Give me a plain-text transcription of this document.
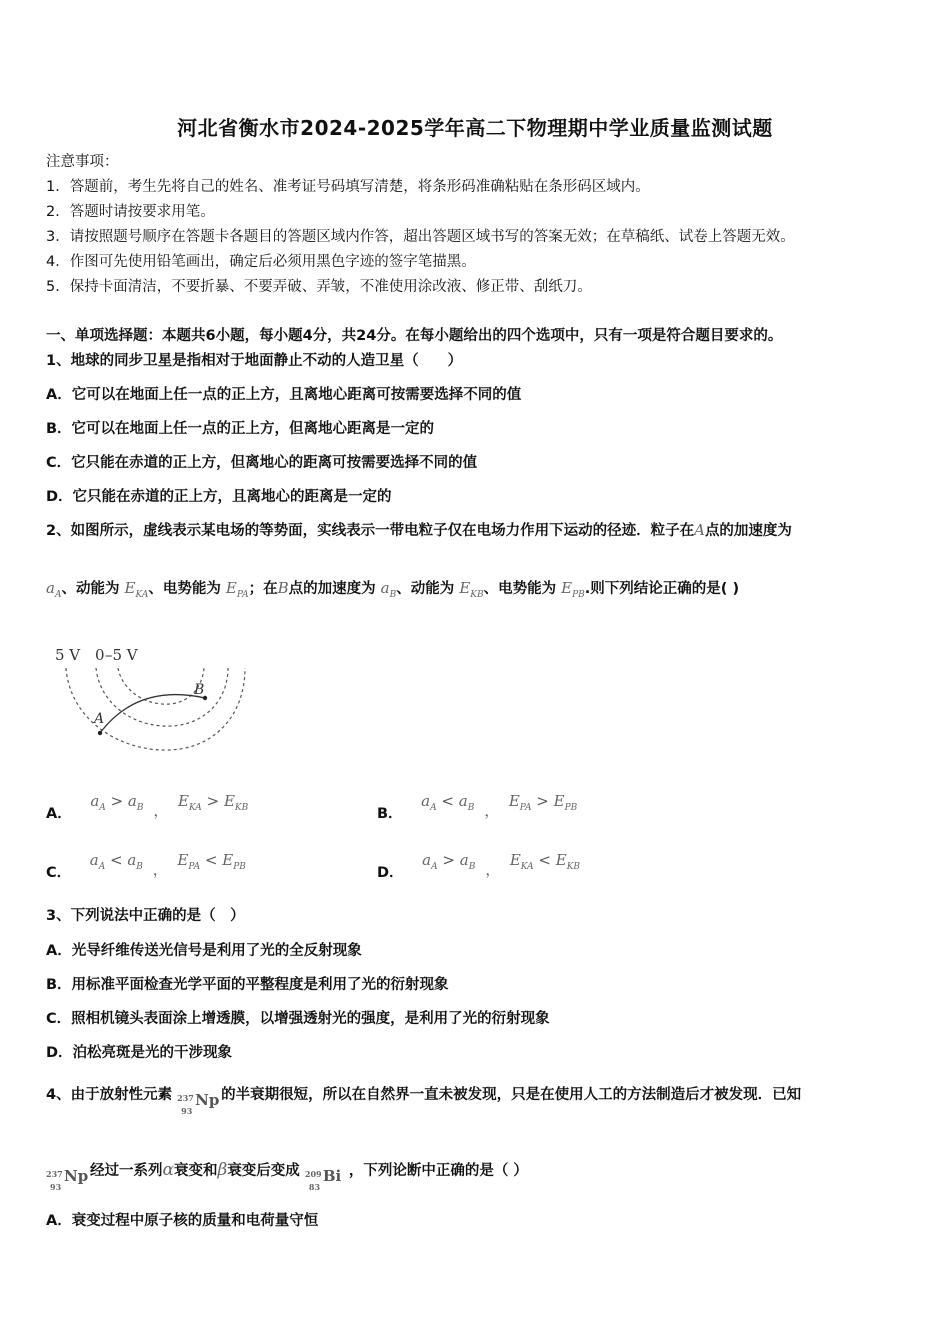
河北省衡水市2024-2025学年高二下物理期中学业质量监测试题
注意事项：
1．答题前，考生先将自己的姓名、准考证号码填写清楚，将条形码准确粘贴在条形码区域内。
2．答题时请按要求用笔。
3．请按照题号顺序在答题卡各题目的答题区域内作答，超出答题区域书写的答案无效；在草稿纸、试卷上答题无效。
4．作图可先使用铅笔画出，确定后必须用黑色字迹的签字笔描黑。
5．保持卡面清洁，不要折暴、不要弄破、弄皱，不准使用涂改液、修正带、刮纸刀。
一、单项选择题：本题共6小题，每小题4分，共24分。在每小题给出的四个选项中，只有一项是符合题目要求的。
1、地球的同步卫星是指相对于地面静止不动的人造卫星（　　）
A．它可以在地面上任一点的正上方，且离地心距离可按需要选择不同的值
B．它可以在地面上任一点的正上方，但离地心距离是一定的
C．它只能在赤道的正上方，但离地心的距离可按需要选择不同的值
D．它只能在赤道的正上方，且离地心的距离是一定的
2、如图所示，虚线表示某电场的等势面，实线表示一带电粒子仅在电场力作用下运动的径迹．粒子在A点的加速度为
$a_A$、动能为 $E_{KA}$、电势能为 $E_{PA}$；在B点的加速度为 $a_B$、动能为 $E_{KB}$、电势能为 $E_{PB}$.则下列结论正确的是( )
5 V 0 –5 V
A
B
A． $a_A > a_B$ ，$E_{KA} > E_{KB}$	B． $a_A < a_B$ ，$E_{PA} > E_{PB}$
C． $a_A < a_B$ ，$E_{PA} < E_{PB}$	D． $a_A > a_B$ ，$E_{KA} < E_{KB}$
3、下列说法中正确的是（　）
A．光导纤维传送光信号是利用了光的全反射现象
B．用标准平面检查光学平面的平整程度是利用了光的衍射现象
C．照相机镜头表面涂上增透膜，以增强透射光的强度，是利用了光的衍射现象
D．泊松亮斑是光的干涉现象
4、由于放射性元素 237
93
Np 的半衰期很短，所以在自然界一直未被发现，只是在使用人工的方法制造后才被发现．已知
237
93
Np 经过一系列α衰变和β衰变后变成 209
83
Bi ，下列论断中正确的是（ ）
A．衰变过程中原子核的质量和电荷量守恒
